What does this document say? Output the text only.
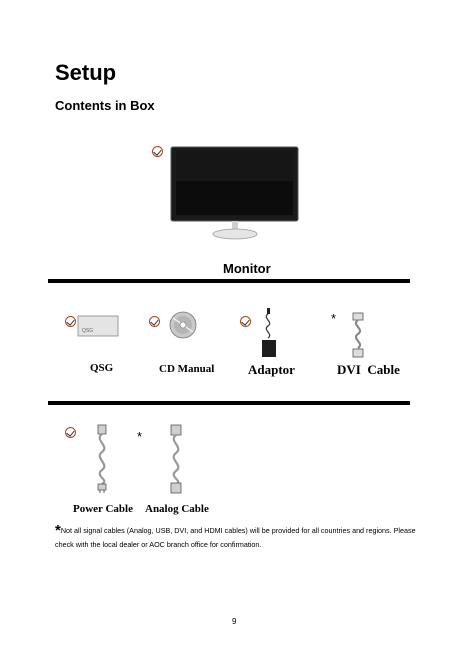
Setup
Contents in Box
Monitor
QSG
*
QSG	CD Manual	Adaptor	DVI  Cable
*
Power Cable Analog Cable
*Not all signal cables (Analog, USB, DVI, and HDMI cables) will be provided for all countries and regions. Please check with the local dealer or AOC branch office for confirmation.
9
